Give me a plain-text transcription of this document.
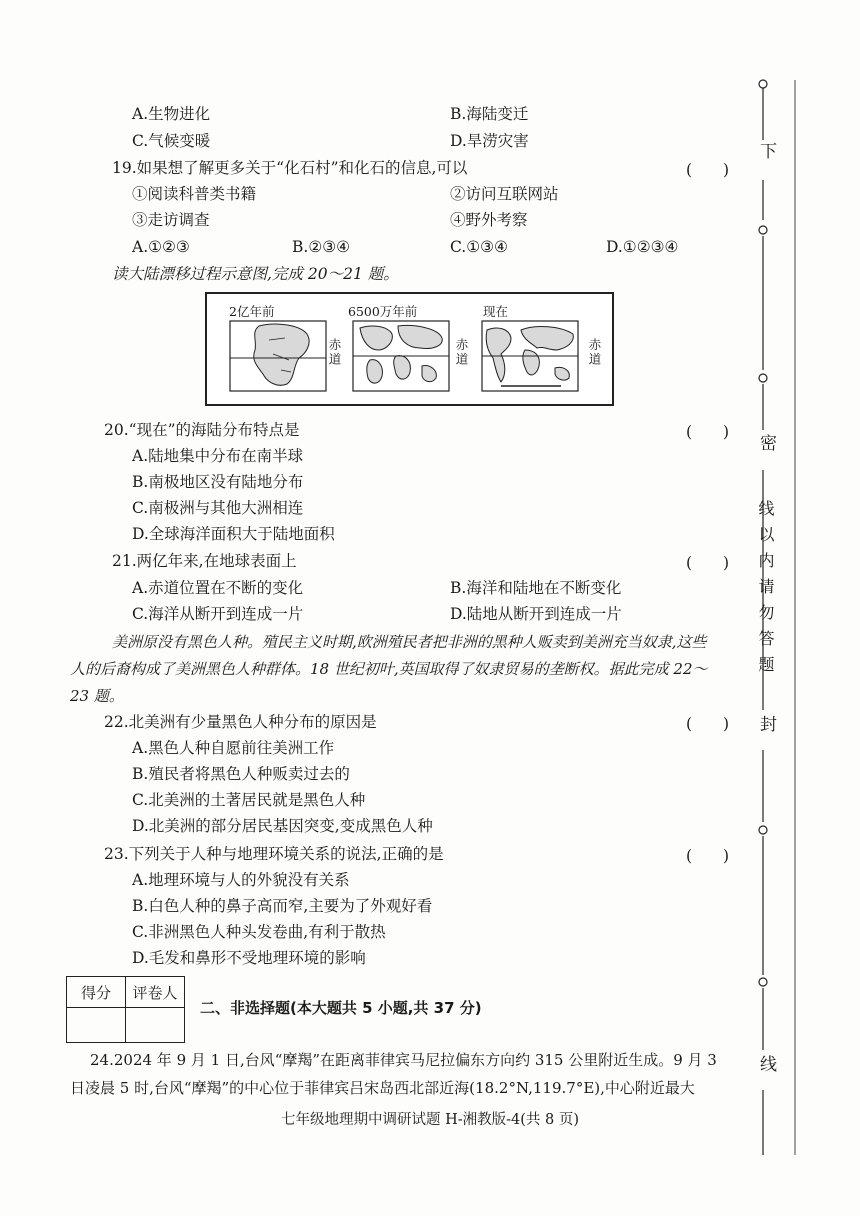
A.生物进化	B.海陆变迁
C.气候变暖	D.旱涝灾害
19.如果想了解更多关于“化石村”和化石的信息,可以	(　　)
①阅读科普类书籍	②访问互联网站
③走访调查	④野外考察
A.①②③	B.②③④	C.①③④	D.①②③④
读大陆漂移过程示意图,完成 20～21 题。
2亿年前
赤道
6500万年前
赤道
现在
赤道
20.“现在”的海陆分布特点是	(　　)
A.陆地集中分布在南半球
B.南极地区没有陆地分布
C.南极洲与其他大洲相连
D.全球海洋面积大于陆地面积
21.两亿年来,在地球表面上	(　　)
A.赤道位置在不断的变化	B.海洋和陆地在不断变化
C.海洋从断开到连成一片	D.陆地从断开到连成一片
美洲原没有黑色人种。殖民主义时期,欧洲殖民者把非洲的黑种人贩卖到美洲充当奴隶,这些
人的后裔构成了美洲黑色人种群体。18 世纪初叶,英国取得了奴隶贸易的垄断权。据此完成 22～
23 题。
22.北美洲有少量黑色人种分布的原因是	(　　)
A.黑色人种自愿前往美洲工作
B.殖民者将黑色人种贩卖过去的
C.北美洲的土著居民就是黑色人种
D.北美洲的部分居民基因突变,变成黑色人种
23.下列关于人种与地理环境关系的说法,正确的是	(　　)
A.地理环境与人的外貌没有关系
B.白色人种的鼻子高而窄,主要为了外观好看
C.非洲黑色人种头发卷曲,有利于散热
D.毛发和鼻形不受地理环境的影响
得分	评卷人

二、非选择题(本大题共 5 小题,共 37 分)
24.2024 年 9 月 1 日,台风“摩羯”在距离菲律宾马尼拉偏东方向约 315 公里附近生成。9 月 3
日凌晨 5 时,台风“摩羯”的中心位于菲律宾吕宋岛西北部近海(18.2°N,119.7°E),中心附近最大
七年级地理期中调研试题 H-湘教版-4(共 8 页)
下
密
线以内请勿答题
封
线
